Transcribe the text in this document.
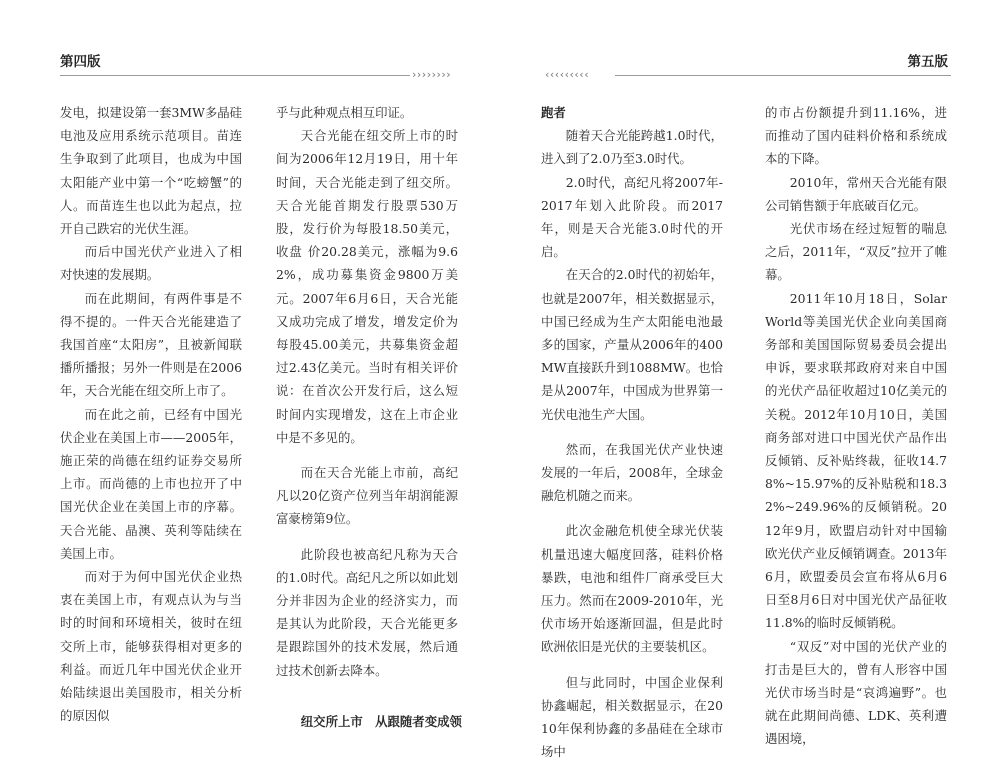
第四版
››››››››

发电，拟建设第一套3MW多晶硅电池及应用系统示范项目。苗连生争取到了此项目，也成为中国太阳能产业中第一个“吃螃蟹”的人。而苗连生也以此为起点，拉开自己跌宕的光伏生涯。

而后中国光伏产业进入了相对快速的发展期。

而在此期间，有两件事是不得不提的。一件天合光能建造了我国首座“太阳房”，且被新闻联播所播报；另外一件则是在2006年，天合光能在纽交所上市了。

而在此之前，已经有中国光伏企业在美国上市——2005年，施正荣的尚德在纽约证券交易所上市。而尚德的上市也拉开了中国光伏企业在美国上市的序幕。天合光能、晶澳、英利等陆续在美国上市。

而对于为何中国光伏企业热衷在美国上市，有观点认为与当时的时间和环境相关，彼时在纽交所上市，能够获得相对更多的利益。而近几年中国光伏企业开始陆续退出美国股市，相关分析的原因似

乎与此种观点相互印证。

天合光能在纽交所上市的时间为2006年12月19日，用十年时间，天合光能走到了纽交所。天合光能首期发行股票530万股，发行价为每股18.50美元，收盘 价20.28美元，涨幅为9.62%，成功募集资金9800万美元。2007年6月6日，天合光能又成功完成了增发，增发定价为每股45.00美元，共募集资金超过2.43亿美元。当时有相关评价说：在首次公开发行后，这么短时间内实现增发，这在上市企业中是不多见的。

而在天合光能上市前，高纪凡以20亿资产位列当年胡润能源富豪榜第9位。

此阶段也被高纪凡称为天合的1.0时代。高纪凡之所以如此划分并非因为企业的经济实力，而是其认为此阶段，天合光能更多是跟踪国外的技术发展，然后通过技术创新去降本。

纽交所上市　从跟随者变成领

第五版
‹‹‹‹‹‹‹‹‹

跑者

随着天合光能跨越1.0时代，进入到了2.0乃至3.0时代。

2.0时代，高纪凡将2007年-2017年划入此阶段。而2017年，则是天合光能3.0时代的开启。

在天合的2.0时代的初始年，也就是2007年，相关数据显示，中国已经成为生产太阳能电池最多的国家，产量从2006年的400MW直接跃升到1088MW。也恰是从2007年，中国成为世界第一光伏电池生产大国。

然而，在我国光伏产业快速发展的一年后，2008年，全球金融危机随之而来。

此次金融危机使全球光伏装机量迅速大幅度回落，硅料价格暴跌，电池和组件厂商承受巨大压力。然而在2009-2010年，光伏市场开始逐渐回温，但是此时欧洲依旧是光伏的主要装机区。

但与此同时，中国企业保利协鑫崛起，相关数据显示，在2010年保利协鑫的多晶硅在全球市场中

的市占份额提升到11.16%，进而推动了国内硅料价格和系统成本的下降。

2010年，常州天合光能有限公司销售额于年底破百亿元。

光伏市场在经过短暂的喘息之后，2011年，“双反”拉开了帷幕。

2011年10月18日，SolarWorld等美国光伏企业向美国商务部和美国国际贸易委员会提出申诉，要求联邦政府对来自中国的光伏产品征收超过10亿美元的关税。2012年10月10日，美国商务部对进口中国光伏产品作出反倾销、反补贴终裁，征收14.78%~15.97%的反补贴税和18.32%~249.96%的反倾销税。2012年9月，欧盟启动针对中国输欧光伏产业反倾销调查。2013年6月，欧盟委员会宣布将从6月6日至8月6日对中国光伏产品征收11.8%的临时反倾销税。

“双反”对中国的光伏产业的打击是巨大的，曾有人形容中国光伏市场当时是“哀鸿遍野”。也就在此期间尚德、LDK、英利遭遇困境，
